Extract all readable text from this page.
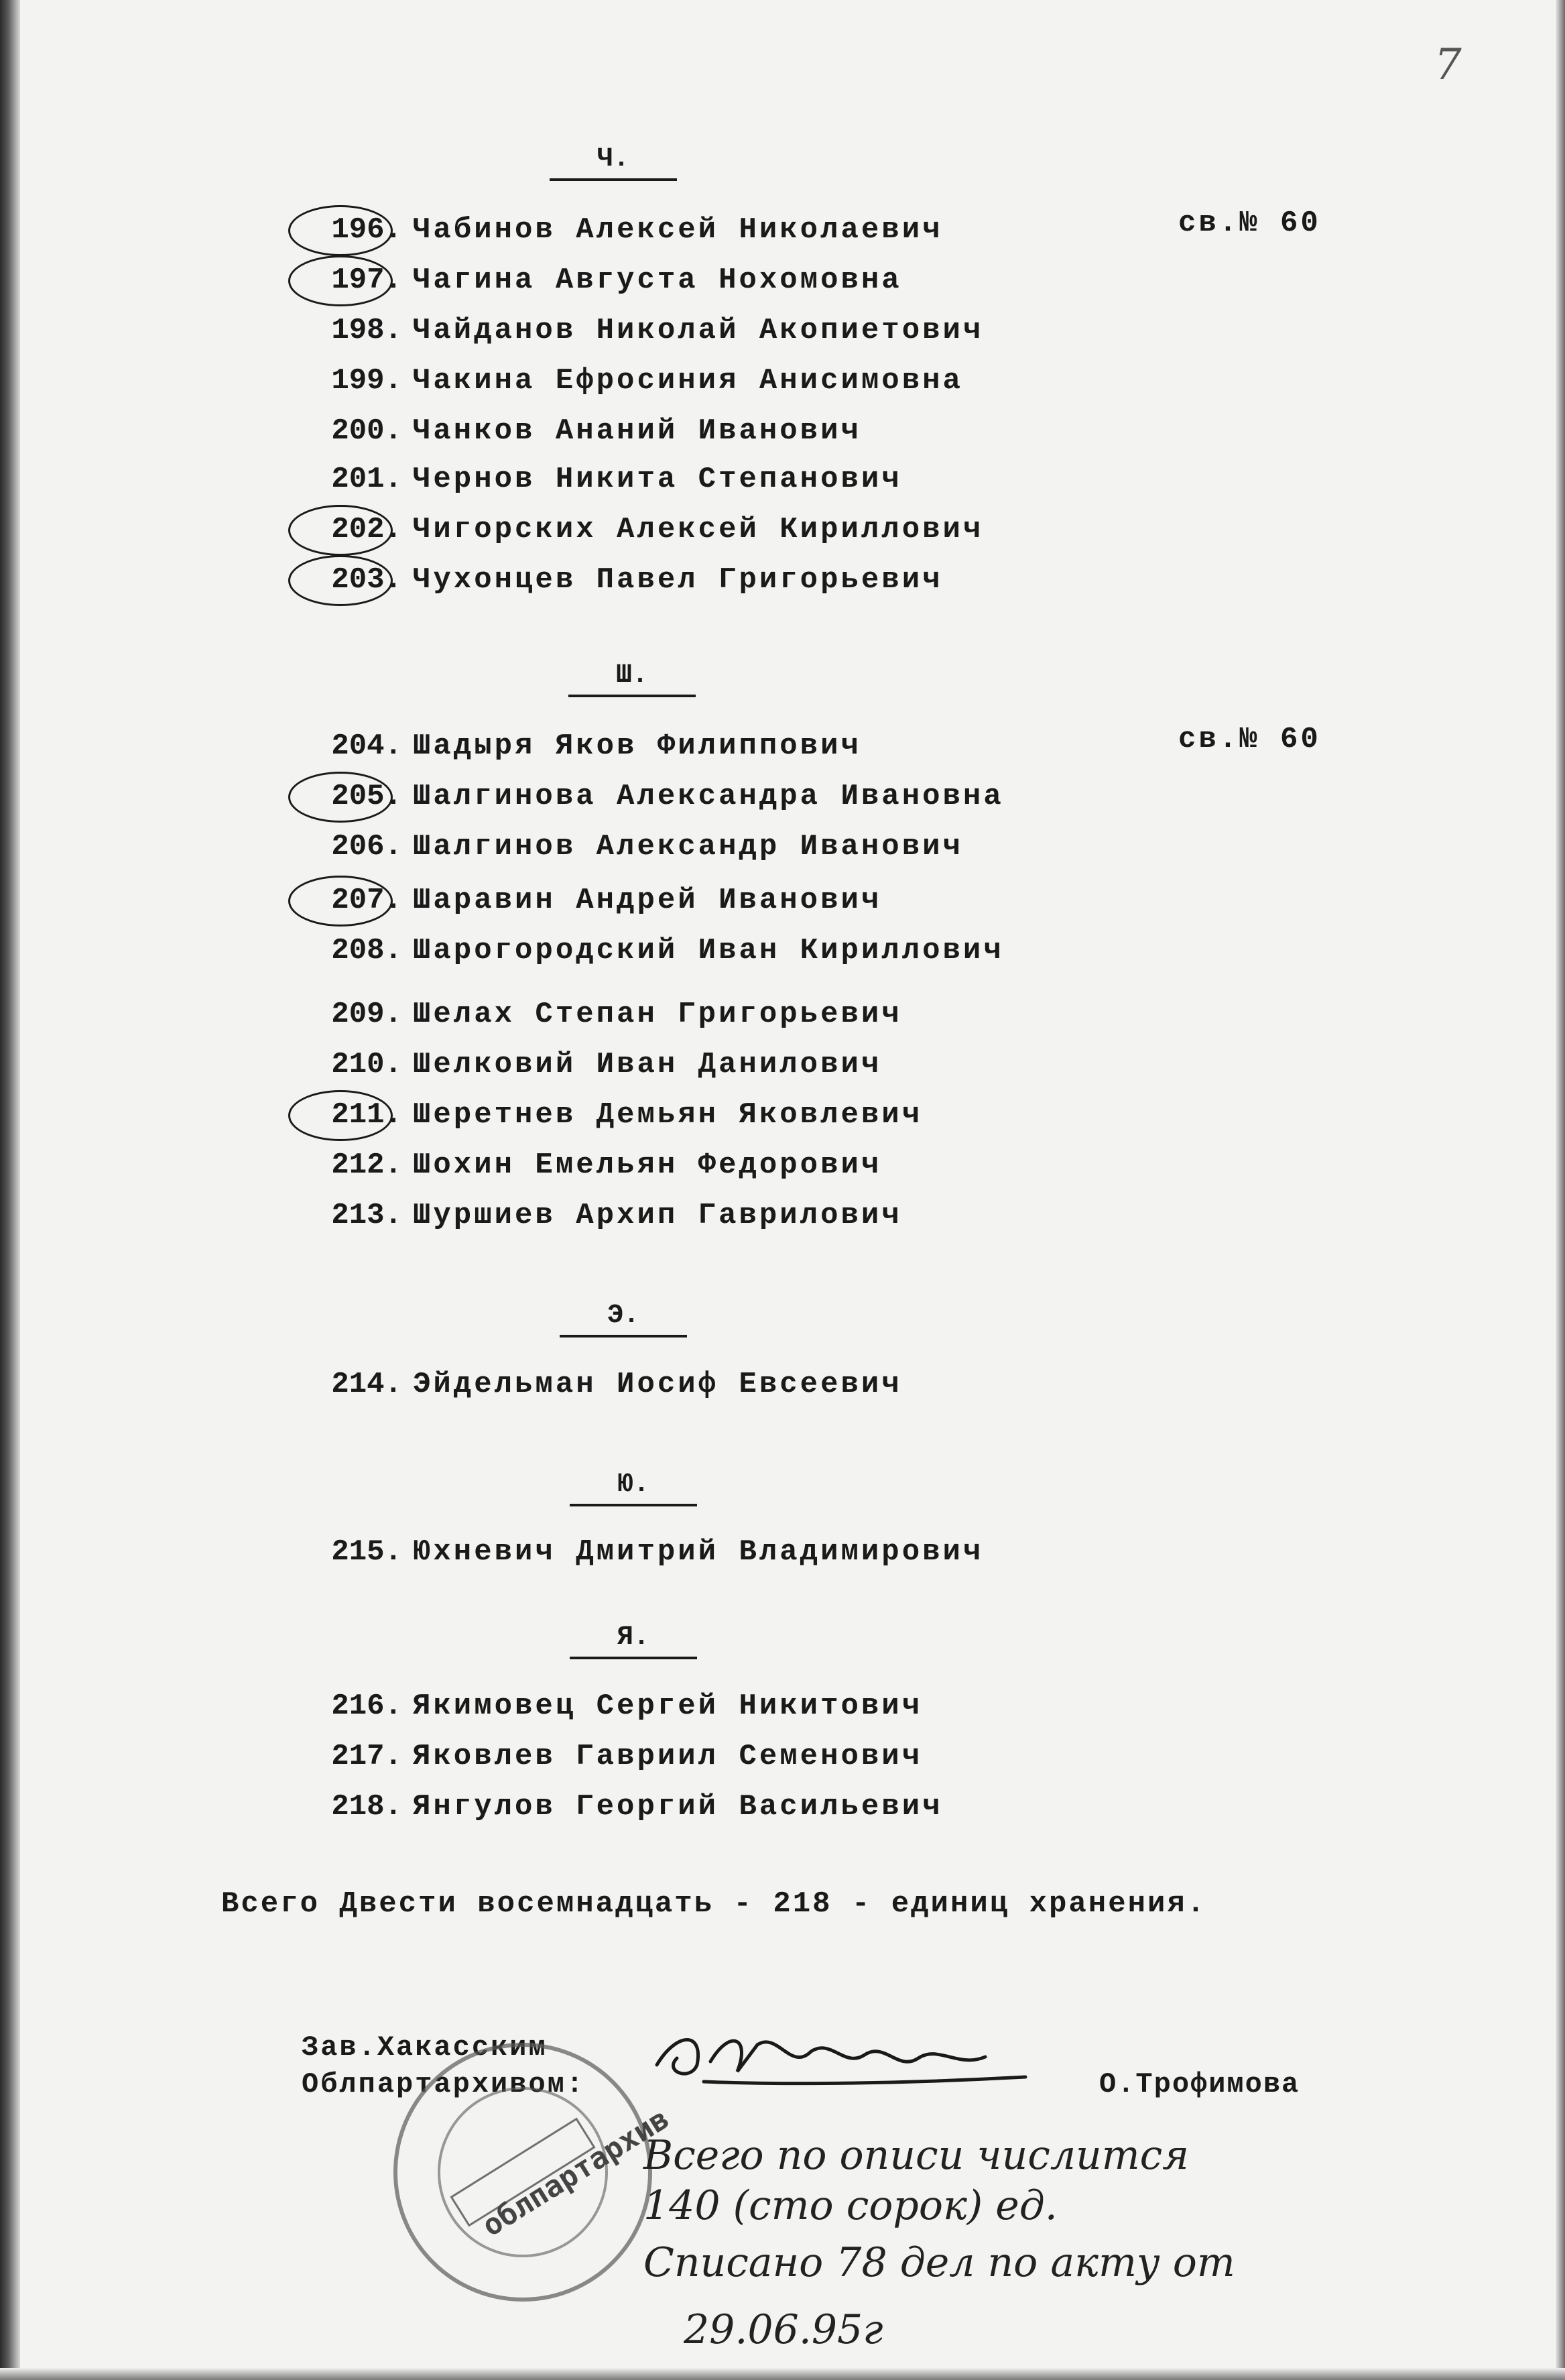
7
Ч.
св.№ 60
196. Чабинов Алексей Николаевич
197. Чагина Августа Нохомовна
198. Чайданов Николай Акопиетович
199. Чакина Ефросиния Анисимовна
200. Чанков Ананий Иванович
201. Чернов Никита Степанович
202. Чигорских Алексей Кириллович
203. Чухонцев Павел Григорьевич
Ш.
св.№ 60
204. Шадыря Яков Филиппович
205. Шалгинова Александра Ивановна
206. Шалгинов Александр Иванович
207. Шаравин Андрей Иванович
208. Шарогородский Иван Кириллович
209. Шелах Степан Григорьевич
210. Шелковий Иван Данилович
211. Шеретнев Демьян Яковлевич
212. Шохин Емельян Федорович
213. Шуршиев Архип Гаврилович
Э.
214. Эйдельман Иосиф Евсеевич
Ю.
215. Юхневич Дмитрий Владимирович
Я.
216. Якимовец Сергей Никитович
217. Яковлев Гавриил Семенович
218. Янгулов Георгий Васильевич
Всего Двести восемнадцать - 218 - единиц хранения.
Зав.Хакасским
Облпартархивом:	О.Трофимова
облпартархив
Всего по описи числится
140 (сто сорок) ед.
Списано 78 дел по акту от
29.06.95г
